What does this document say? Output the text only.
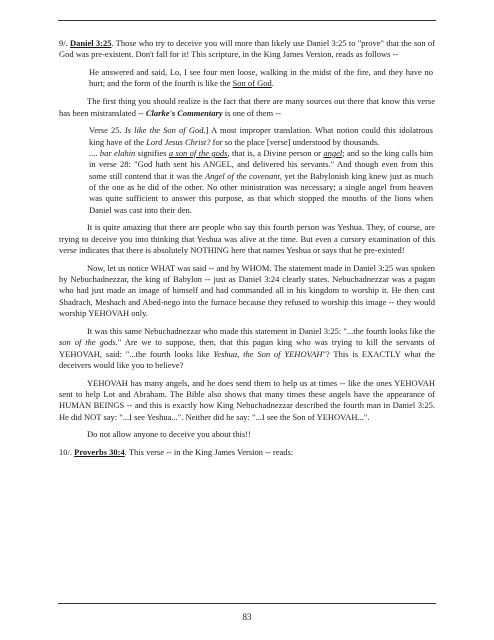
9/. Daniel 3:25. Those who try to deceive you will more than likely use Daniel 3:25 to "prove" that the son of God was pre-existent. Don't fall for it! This scripture, in the King James Version, reads as follows --

He answered and said, Lo, I see four men loose, walking in the midst of the fire, and they have no hurt; and the form of the fourth is like the Son of God.

The first thing you should realize is the fact that there are many sources out there that know this verse has been mistranslated -- Clarke's Commentary is one of them --

Verse 25. Is like the Son of God.] A most improper translation. What notion could this idolatrous king have of the Lord Jesus Christ? for so the place [verse] understood by thousands.

.... bar elahin signifies a son of the gods, that is, a Divine person or angel; and so the king calls him in verse 28: "God hath sent his ANGEL, and delivered his servants." And though even from this some still contend that it was the Angel of the covenant, yet the Babylonish king knew just as much of the one as he did of the other. No other ministration was necessary; a single angel from heaven was quite sufficient to answer this purpose, as that which stopped the mouths of the lions when Daniel was cast into their den.

It is quite amazing that there are people who say this fourth person was Yeshua. They, of course, are trying to deceive you into thinking that Yeshua was alive at the time. But even a cursory examination of this verse indicates that there is absolutely NOTHING here that names Yeshua or says that he pre-existed!

Now, let us notice WHAT was said -- and by WHOM. The statement made in Daniel 3:25 was spoken by Nebuchadnezzar, the king of Babylon -- just as Daniel 3:24 clearly states. Nebuchadnezzar was a pagan who had just made an image of himself and had commanded all in his kingdom to worship it. He then cast Shadrach, Meshach and Abed-nego into the furnace because they refused to worship this image -- they would worship YEHOVAH only.

It was this same Nebuchadnezzar who made this statement in Daniel 3:25: "...the fourth looks like the son of the gods." Are we to suppose, then, that this pagan king who was trying to kill the servants of YEHOVAH, said: "...the fourth looks like Yeshua, the Son of YEHOVAH"? This is EXACTLY what the deceivers would like you to believe?

YEHOVAH has many angels, and he does send them to help us at times -- like the ones YEHOVAH sent to help Lot and Abraham. The Bible also shows that many times these angels have the appearance of HUMAN BEINGS -- and this is exactly how King Nebuchadnezzar described the fourth man in Daniel 3:25. He did NOT say: "...I see Yeshua...". Neither did he say: "...I see the Son of YEHOVAH...".

Do not allow anyone to deceive you about this!!

10/. Proverbs 30:4. This verse -- in the King James Version -- reads:

83
